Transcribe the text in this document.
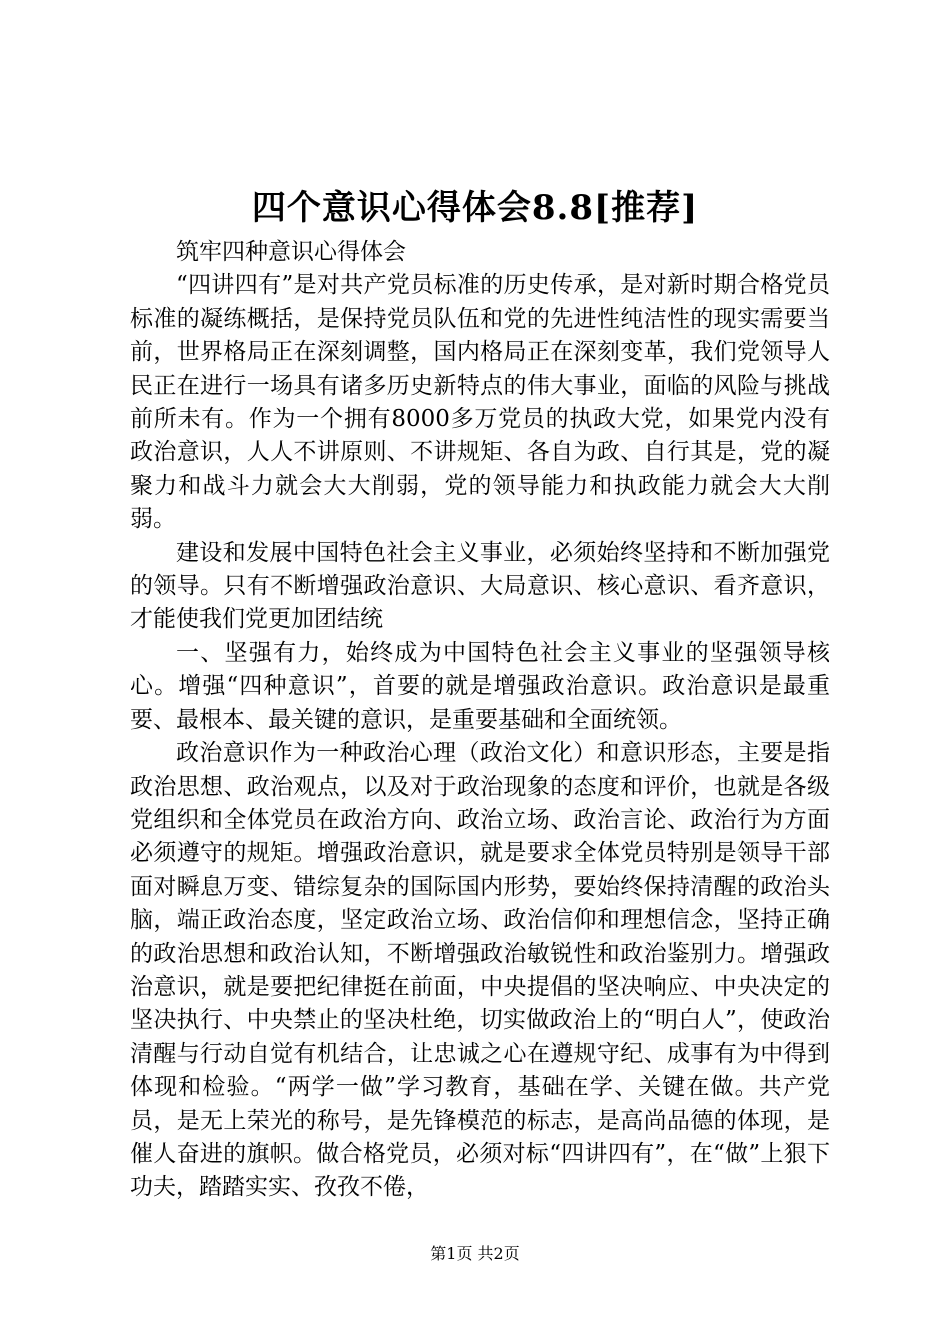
四个意识心得体会8.8[推荐]

筑牢四种意识心得体会

“四讲四有”是对共产党员标准的历史传承，是对新时期合格党员标准的凝练概括，是保持党员队伍和党的先进性纯洁性的现实需要当前，世界格局正在深刻调整，国内格局正在深刻变革，我们党领导人民正在进行一场具有诸多历史新特点的伟大事业，面临的风险与挑战前所未有。作为一个拥有8000多万党员的执政大党，如果党内没有政治意识，人人不讲原则、不讲规矩、各自为政、自行其是，党的凝聚力和战斗力就会大大削弱，党的领导能力和执政能力就会大大削弱。

建设和发展中国特色社会主义事业，必须始终坚持和不断加强党的领导。只有不断增强政治意识、大局意识、核心意识、看齐意识，才能使我们党更加团结统

一、坚强有力，始终成为中国特色社会主义事业的坚强领导核心。增强“四种意识”，首要的就是增强政治意识。政治意识是最重要、最根本、最关键的意识，是重要基础和全面统领。

政治意识作为一种政治心理（政治文化）和意识形态，主要是指政治思想、政治观点，以及对于政治现象的态度和评价，也就是各级党组织和全体党员在政治方向、政治立场、政治言论、政治行为方面必须遵守的规矩。增强政治意识，就是要求全体党员特别是领导干部面对瞬息万变、错综复杂的国际国内形势，要始终保持清醒的政治头脑，端正政治态度，坚定政治立场、政治信仰和理想信念，坚持正确的政治思想和政治认知，不断增强政治敏锐性和政治鉴别力。增强政治意识，就是要把纪律挺在前面，中央提倡的坚决响应、中央决定的坚决执行、中央禁止的坚决杜绝，切实做政治上的“明白人”，使政治清醒与行动自觉有机结合，让忠诚之心在遵规守纪、成事有为中得到体现和检验。“两学一做”学习教育，基础在学、关键在做。共产党员，是无上荣光的称号，是先锋模范的标志，是高尚品德的体现，是催人奋进的旗帜。做合格党员，必须对标“四讲四有”，在“做”上狠下功夫，踏踏实实、孜孜不倦，

第1页 共2页
